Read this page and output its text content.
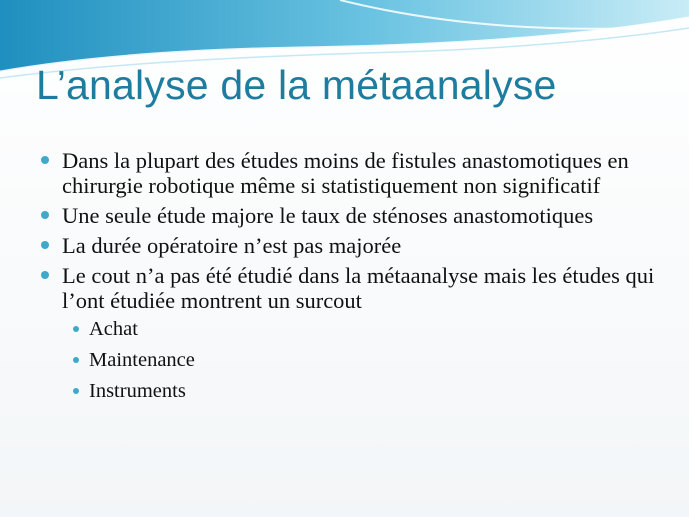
L’analyse de la métaanalyse
Dans la plupart des études moins de fistules anastomotiques en chirurgie robotique même si statistiquement non significatif
Une seule étude majore le taux de sténoses anastomotiques
La durée opératoire n’est pas majorée
Le cout n’a pas été étudié dans la métaanalyse mais les études qui l’ont étudiée montrent un surcout
Achat
Maintenance
Instruments
